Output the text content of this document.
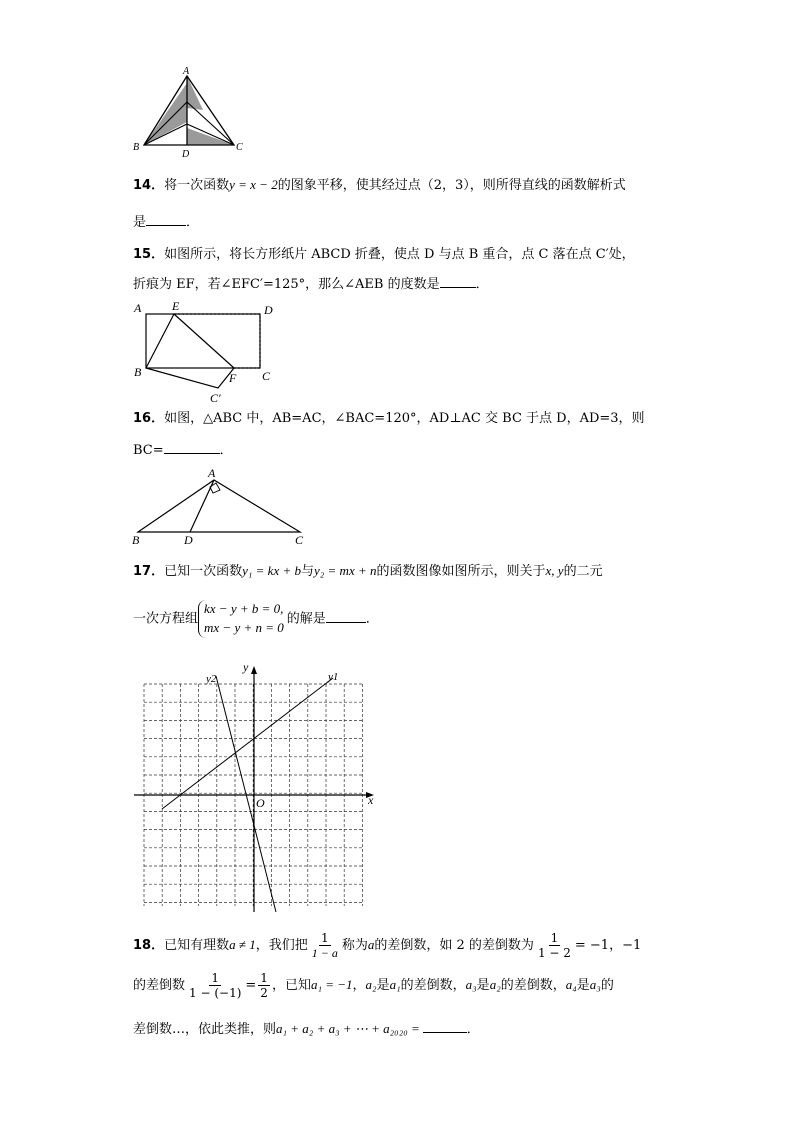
A
B	C
D
14．将一次函数y = x − 2的图象平移，使其经过点（2，3），则所得直线的函数解析式
是	．
15．如图所示，将长方形纸片 ABCD 折叠，使点 D 与点 B 重合，点 C 落在点 C′处，
折痕为 EF，若∠EFC′=125°，那么∠AEB 的度数是	．
A	E	D
B	F C
C′
16．如图，△ABC 中，AB=AC，∠BAC=120°，AD⊥AC 交 BC 于点 D，AD=3，则
BC=	．
A
B	D	C
17．已知一次函数y₁ = kx + b与y₂ = mx + n的函数图像如图所示，则关于x, y的二元
一次方程组kx − y + b = 0,
mx − y + n = 0的解是	．
y
x
O
y1
y2
18．已知有理数a ≠ 1，我们把 $\frac{1}{1 - a}$ 称为a的差倒数，如 2 的差倒数为 $\frac{1}{1 - 2} = -1$，−1
的差倒数 $\frac{1}{1 - (-1)} = \frac{1}{2}$ ，已知a₁ = −1，a₂是a₁的差倒数，a₃是a₂的差倒数，a₄是a₃的
差倒数…，依此类推，则a₁ + a₂ + a₃ + ⋯ + a₂₀₂₀ =	．
